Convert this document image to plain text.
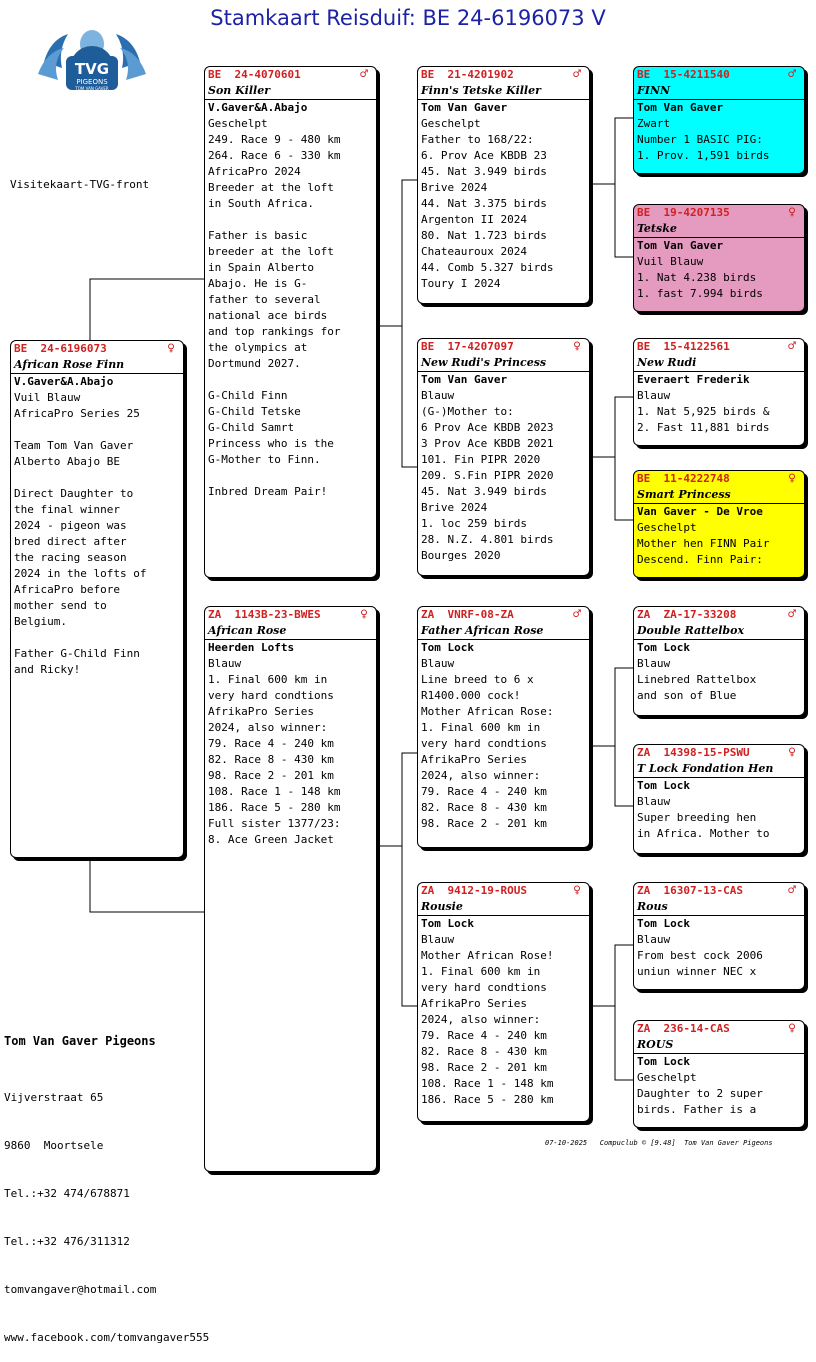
Stamkaart Reisduif: BE 24-6196073 V
TVG
PIGEONS
TOM VAN GAVER
Visitekaart-TVG-front
BE  24-6196073	♀
African Rose Finn
V.Gaver&A.Abajo
Vuil Blauw
AfricaPro Series 25

Team Tom Van Gaver
Alberto Abajo BE

Direct Daughter to
the final winner
2024 - pigeon was
bred direct after
the racing season
2024 in the lofts of
AfricaPro before
mother send to
Belgium.

Father G-Child Finn
and Ricky!
BE  24-4070601	♂
Son Killer
V.Gaver&A.Abajo
Geschelpt
249. Race 9 - 480 km
264. Race 6 - 330 km
AfricaPro 2024
Breeder at the loft
in South Africa.

Father is basic
breeder at the loft
in Spain Alberto
Abajo. He is G-
father to several
national ace birds
and top rankings for
the olympics at
Dortmund 2027.

G-Child Finn
G-Child Tetske
G-Child Samrt
Princess who is the
G-Mother to Finn.

Inbred Dream Pair!
ZA  1143B-23-BWES	♀
African Rose
Heerden Lofts
Blauw
1. Final 600 km in
very hard condtions
AfrikaPro Series
2024, also winner:
79. Race 4 - 240 km
82. Race 8 - 430 km
98. Race 2 - 201 km
108. Race 1 - 148 km
186. Race 5 - 280 km
Full sister 1377/23:
8. Ace Green Jacket
BE  21-4201902	♂
Finn's Tetske Killer
Tom Van Gaver
Geschelpt
Father to 168/22:
6. Prov Ace KBDB 23
45. Nat 3.949 birds
Brive 2024
44. Nat 3.375 birds
Argenton II 2024
80. Nat 1.723 birds
Chateauroux 2024
44. Comb 5.327 birds
Toury I 2024
BE  17-4207097	♀
New Rudi's Princess
Tom Van Gaver
Blauw
(G-)Mother to:
6 Prov Ace KBDB 2023
3 Prov Ace KBDB 2021
101. Fin PIPR 2020
209. S.Fin PIPR 2020
45. Nat 3.949 birds
Brive 2024
1. loc 259 birds
28. N.Z. 4.801 birds
Bourges 2020
ZA  VNRF-08-ZA	♂
Father African Rose
Tom Lock
Blauw
Line breed to 6 x
R1400.000 cock!
Mother African Rose:
1. Final 600 km in
very hard condtions
AfrikaPro Series
2024, also winner:
79. Race 4 - 240 km
82. Race 8 - 430 km
98. Race 2 - 201 km
ZA  9412-19-ROUS	♀
Rousie
Tom Lock
Blauw
Mother African Rose!
1. Final 600 km in
very hard condtions
AfrikaPro Series
2024, also winner:
79. Race 4 - 240 km
82. Race 8 - 430 km
98. Race 2 - 201 km
108. Race 1 - 148 km
186. Race 5 - 280 km
BE  15-4211540	♂
FINN
Tom Van Gaver
Zwart
Number 1 BASIC PIG:
1. Prov. 1,591 birds
BE  19-4207135	♀
Tetske
Tom Van Gaver
Vuil Blauw
1. Nat 4.238 birds
1. fast 7.994 birds
BE  15-4122561	♂
New Rudi
Everaert Frederik
Blauw
1. Nat 5,925 birds &
2. Fast 11,881 birds
BE  11-4222748	♀
Smart Princess
Van Gaver - De Vroe
Geschelpt
Mother hen FINN Pair
Descend. Finn Pair:
ZA  ZA-17-33208	♂
Double Rattelbox
Tom Lock
Blauw
Linebred Rattelbox
and son of Blue
ZA  14398-15-PSWU	♀
T Lock Fondation Hen
Tom Lock
Blauw
Super breeding hen
in Africa. Mother to
ZA  16307-13-CAS	♂
Rous
Tom Lock
Blauw
From best cock 2006
uniun winner NEC x
ZA  236-14-CAS	♀
ROUS
Tom Lock
Geschelpt
Daughter to 2 super
birds. Father is a
Tom Van Gaver Pigeons

Vijverstraat 65

9860  Moortsele

Tel.:+32 474/678871

Tel.:+32 476/311312

tomvangaver@hotmail.com

www.facebook.com/tomvangaver555

07-10-2025   Compuclub © [9.48]  Tom Van Gaver Pigeons
